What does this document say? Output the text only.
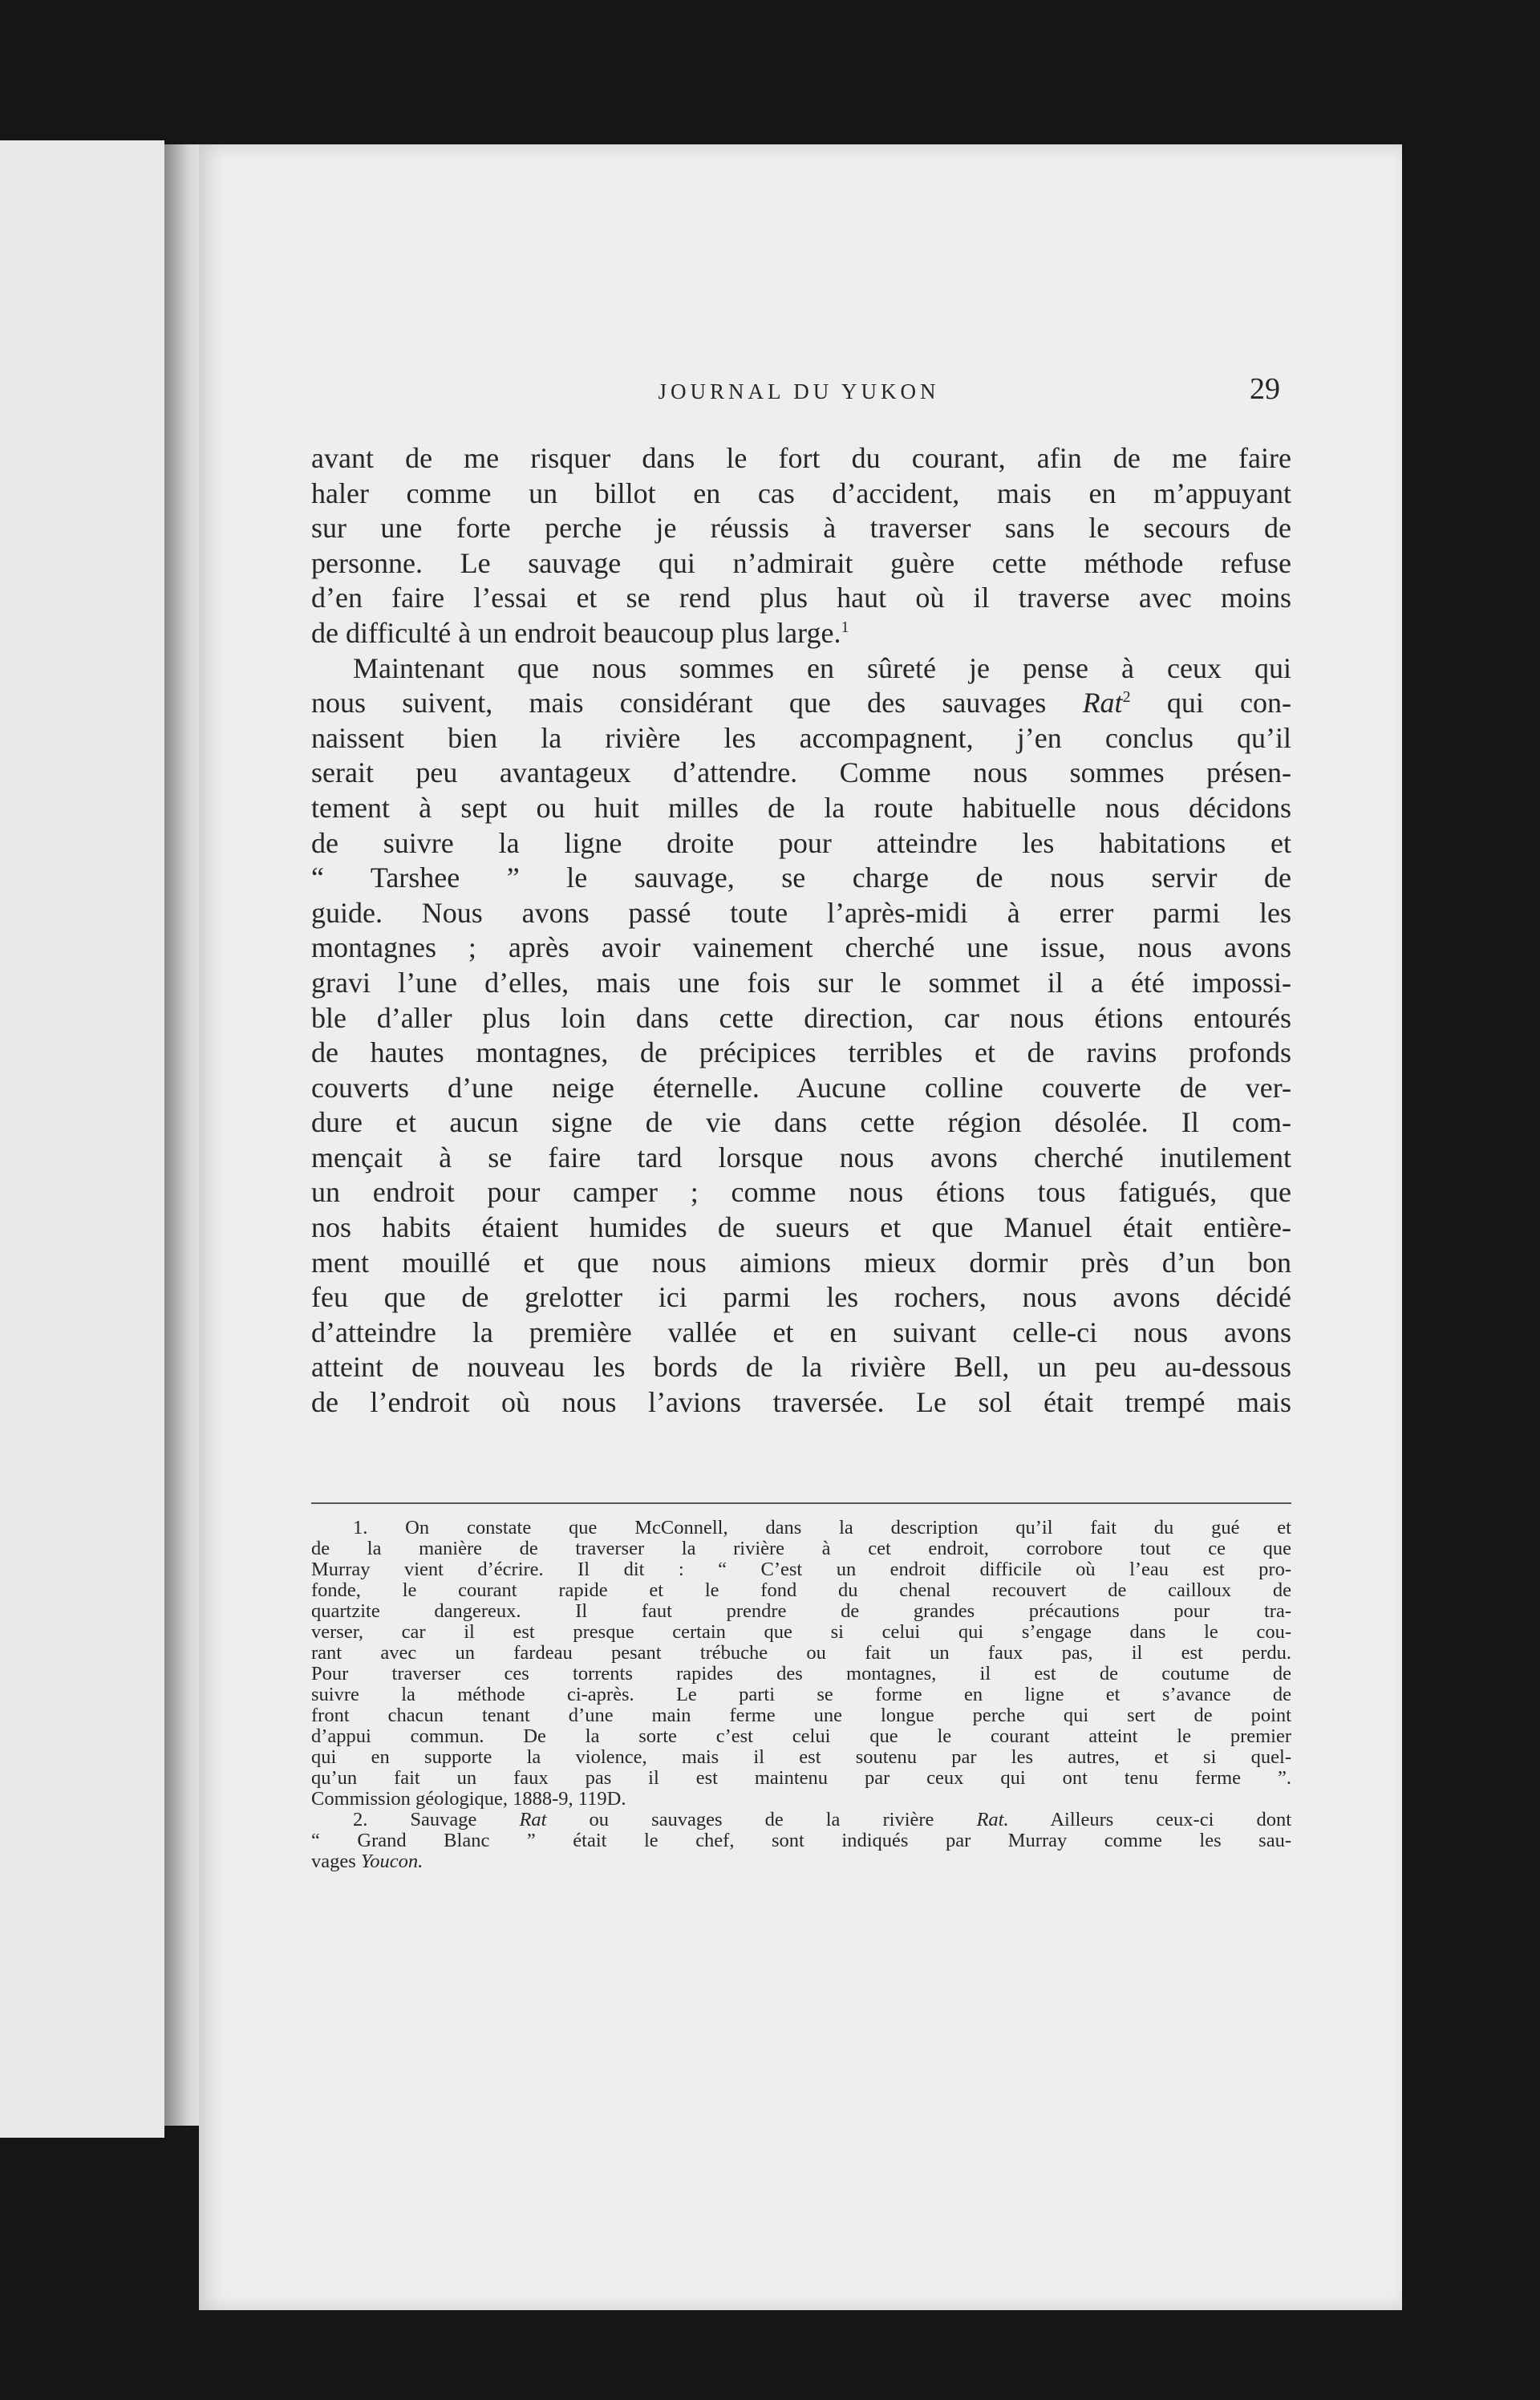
JOURNAL DU YUKON	29
avant de me risquer dans le fort du courant, afin de me faire
haler comme un billot en cas d’accident, mais en m’appuyant
sur une forte perche je réussis à traverser sans le secours de
personne. Le sauvage qui n’admirait guère cette méthode refuse
d’en faire l’essai et se rend plus haut où il traverse avec moins
de difficulté à un endroit beaucoup plus large.$^1$
Maintenant que nous sommes en sûreté je pense à ceux qui
nous suivent, mais considérant que des sauvages Rat$^2$ qui con-
naissent bien la rivière les accompagnent, j’en conclus qu’il
serait peu avantageux d’attendre. Comme nous sommes présen-
tement à sept ou huit milles de la route habituelle nous décidons
de suivre la ligne droite pour atteindre les habitations et
“ Tarshee ” le sauvage, se charge de nous servir de
guide. Nous avons passé toute l’après-midi à errer parmi les
montagnes ; après avoir vainement cherché une issue, nous avons
gravi l’une d’elles, mais une fois sur le sommet il a été impossi-
ble d’aller plus loin dans cette direction, car nous étions entourés
de hautes montagnes, de précipices terribles et de ravins profonds
couverts d’une neige éternelle. Aucune colline couverte de ver-
dure et aucun signe de vie dans cette région désolée. Il com-
mençait à se faire tard lorsque nous avons cherché inutilement
un endroit pour camper ; comme nous étions tous fatigués, que
nos habits étaient humides de sueurs et que Manuel était entière-
ment mouillé et que nous aimions mieux dormir près d’un bon
feu que de grelotter ici parmi les rochers, nous avons décidé
d’atteindre la première vallée et en suivant celle-ci nous avons
atteint de nouveau les bords de la rivière Bell, un peu au-dessous
de l’endroit où nous l’avions traversée. Le sol était trempé mais
1. On constate que McConnell, dans la description qu’il fait du gué et
de la manière de traverser la rivière à cet endroit, corrobore tout ce que
Murray vient d’écrire. Il dit : “ C’est un endroit difficile où l’eau est pro-
fonde, le courant rapide et le fond du chenal recouvert de cailloux de
quartzite dangereux. Il faut prendre de grandes précautions pour tra-
verser, car il est presque certain que si celui qui s’engage dans le cou-
rant avec un fardeau pesant trébuche ou fait un faux pas, il est perdu.
Pour traverser ces torrents rapides des montagnes, il est de coutume de
suivre la méthode ci-après. Le parti se forme en ligne et s’avance de
front chacun tenant d’une main ferme une longue perche qui sert de point
d’appui commun. De la sorte c’est celui que le courant atteint le premier
qui en supporte la violence, mais il est soutenu par les autres, et si quel-
qu’un fait un faux pas il est maintenu par ceux qui ont tenu ferme ”.
Commission géologique, 1888-9, 119D.
2. Sauvage Rat ou sauvages de la rivière Rat. Ailleurs ceux-ci dont
“ Grand Blanc ” était le chef, sont indiqués par Murray comme les sau-
vages Youcon.
